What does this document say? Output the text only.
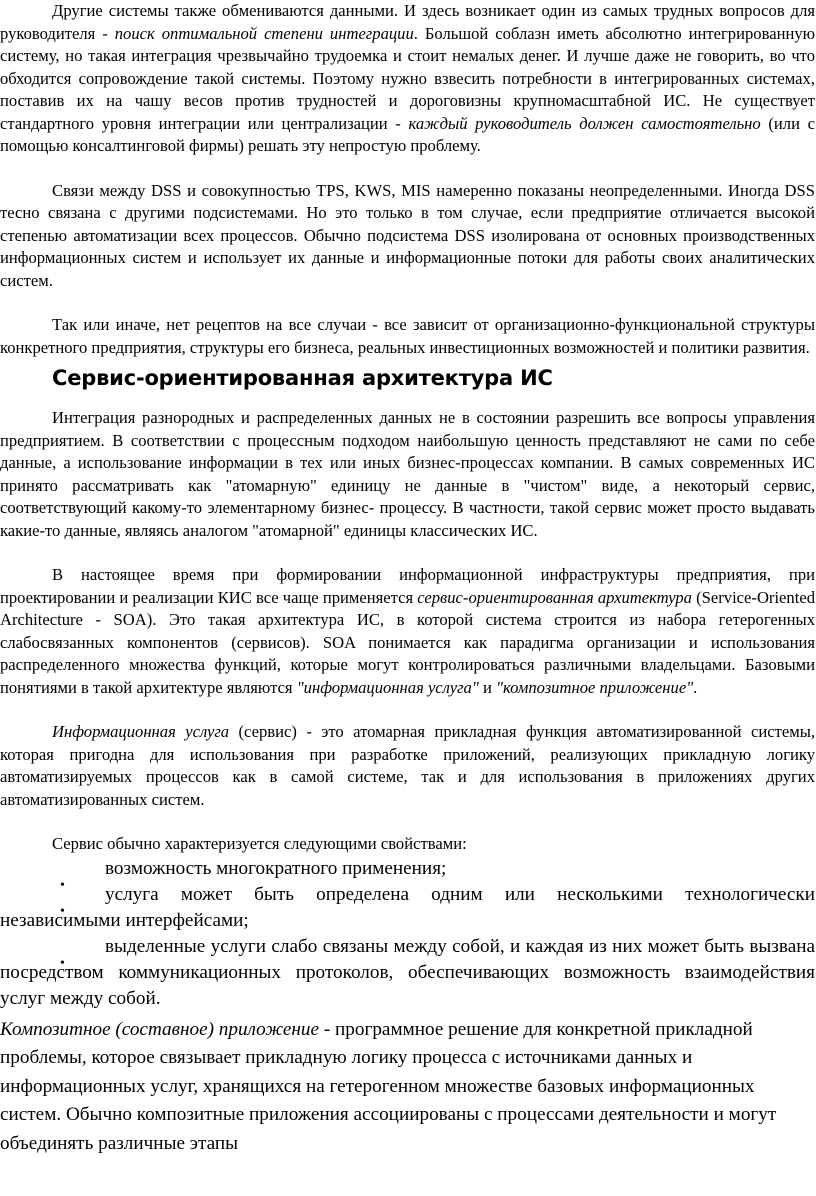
Другие системы также обмениваются данными. И здесь возникает один из самых трудных вопросов для руководителя - поиск оптимальной степени интеграции. Большой соблазн иметь абсолютно интегрированную систему, но такая интеграция чрезвычайно трудоемка и стоит немалых денег. И лучше даже не говорить, во что обходится сопровождение такой системы. Поэтому нужно взвесить потребности в интегрированных системах, поставив их на чашу весов против трудностей и дороговизны крупномасштабной ИС. Не существует стандартного уровня интеграции или централизации - каждый руководитель должен самостоятельно (или с помощью консалтинговой фирмы) решать эту непростую проблему.

Связи между DSS и совокупностью TPS, KWS, MIS намеренно показаны неопределенными. Иногда DSS тесно связана с другими подсистемами. Но это только в том случае, если предприятие отличается высокой степенью автоматизации всех процессов. Обычно подсистема DSS изолирована от основных производственных информационных систем и использует их данные и информационные потоки для работы своих аналитических систем.

Так или иначе, нет рецептов на все случаи - все зависит от организационно-функциональной структуры конкретного предприятия, структуры его бизнеса, реальных инвестиционных возможностей и политики развития.

Сервис-ориентированная архитектура ИС

Интеграция разнородных и распределенных данных не в состоянии разрешить все вопросы управления предприятием. В соответствии с процессным подходом наибольшую ценность представляют не сами по себе данные, а использование информации в тех или иных бизнес-процессах компании. В самых современных ИС принято рассматривать как "атомарную" единицу не данные в "чистом" виде, а некоторый сервис, соответствующий какому-то элементарному бизнес- процессу. В частности, такой сервис может просто выдавать какие-то данные, являясь аналогом "атомарной" единицы классических ИС.

В настоящее время при формировании информационной инфраструктуры предприятия, при проектировании и реализации КИС все чаще применяется сервис-ориентированная архитектура (Service-Oriented Architecture - SOA). Это такая архитектура ИС, в которой система строится из набора гетерогенных слабосвязанных компонентов (сервисов). SOA понимается как парадигма организации и использования распределенного множества функций, которые могут контролироваться различными владельцами. Базовыми понятиями в такой архитектуре являются "информационная услуга" и "композитное приложение".

Информационная услуга (сервис) - это атомарная прикладная функция автоматизированной системы, которая пригодна для использования при разработке приложений, реализующих прикладную логику автоматизируемых процессов как в самой системе, так и для использования в приложениях других автоматизированных систем.

Сервис обычно характеризуется следующими свойствами:

возможность многократного применения;
услуга может быть определена одним или несколькими технологически независимыми интерфейсами;
выделенные услуги слабо связаны между собой, и каждая из них может быть вызвана посредством коммуникационных протоколов, обеспечивающих возможность взаимодействия услуг между собой.

Композитное (составное) приложение - программное решение для конкретной прикладной проблемы, которое связывает прикладную логику процесса с источниками данных и информационных услуг, хранящихся на гетерогенном множестве базовых информационных систем. Обычно композитные приложения ассоциированы с процессами деятельности и могут объединять различные этапы
